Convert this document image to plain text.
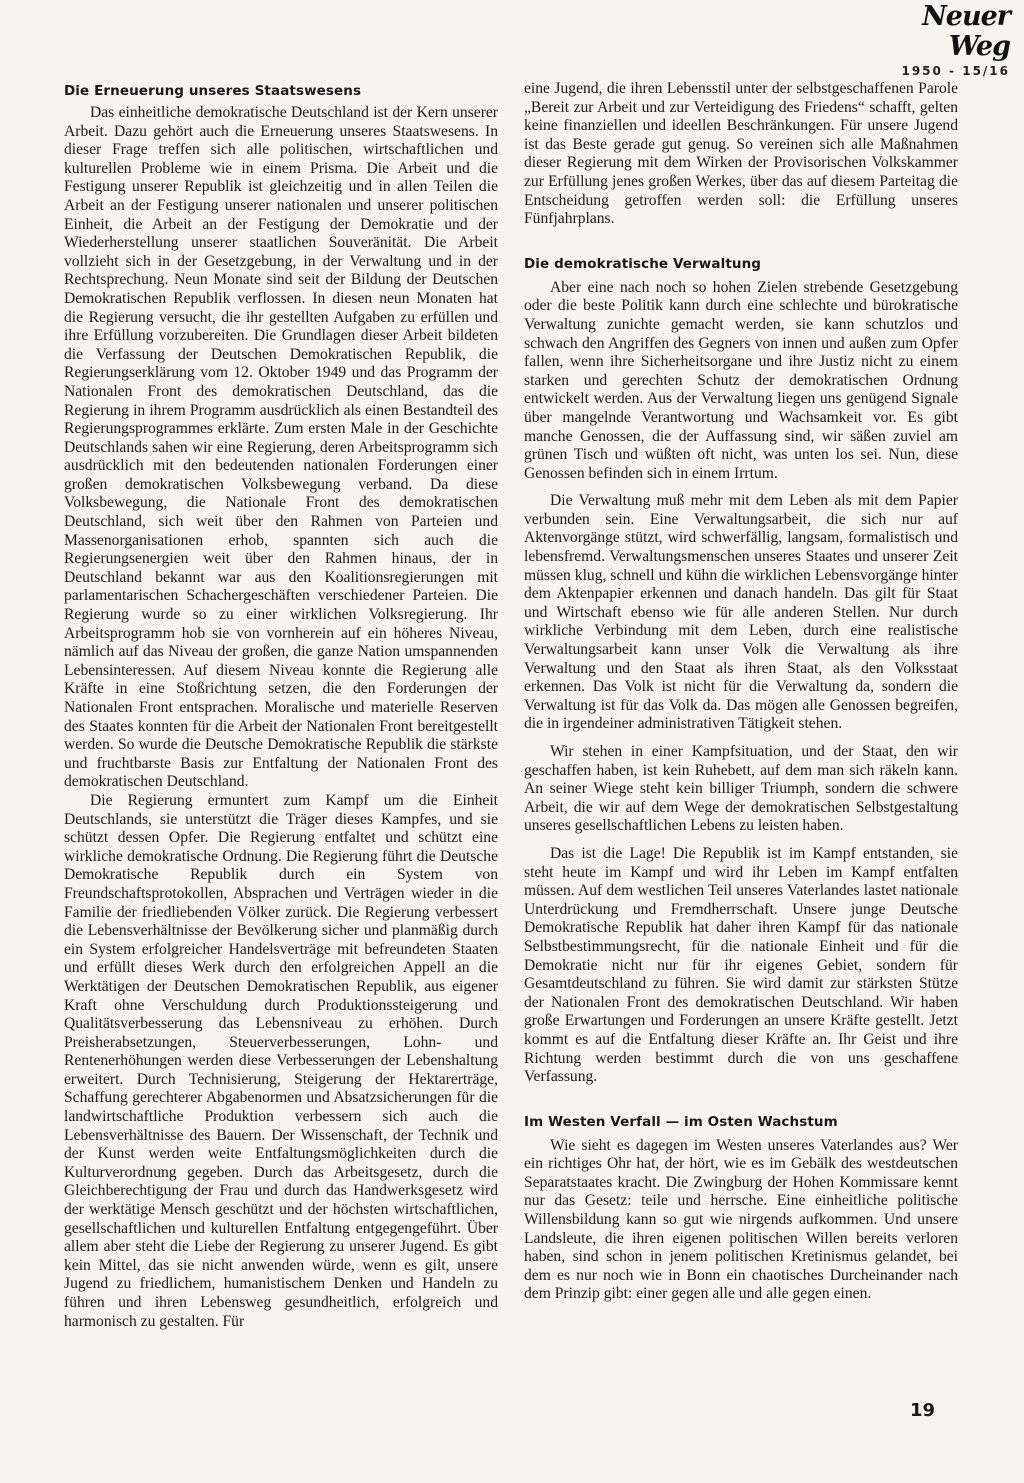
Neuer Weg
1950 - 15/16
Die Erneuerung unseres Staatswesens

Das einheitliche demokratische Deutschland ist der Kern unserer Arbeit. Dazu gehört auch die Erneuerung unseres Staatswesens. In dieser Frage treffen sich alle politischen, wirtschaftlichen und kulturellen Probleme wie in einem Prisma. Die Arbeit und die Festigung unserer Republik ist gleichzeitig und in allen Teilen die Arbeit an der Festigung unserer nationalen und unserer politischen Einheit, die Arbeit an der Festigung der Demokratie und der Wiederherstellung unserer staatlichen Souveränität. Die Arbeit vollzieht sich in der Gesetzgebung, in der Verwaltung und in der Rechtsprechung. Neun Monate sind seit der Bildung der Deutschen Demokratischen Republik verflossen. In diesen neun Monaten hat die Regierung versucht, die ihr gestellten Aufgaben zu erfüllen und ihre Erfüllung vorzubereiten. Die Grundlagen dieser Arbeit bildeten die Verfassung der Deutschen Demokratischen Republik, die Regierungserklärung vom 12. Oktober 1949 und das Programm der Nationalen Front des demokratischen Deutschland, das die Regierung in ihrem Programm ausdrücklich als einen Bestandteil des Regierungsprogrammes erklärte. Zum ersten Male in der Geschichte Deutschlands sahen wir eine Regierung, deren Arbeitsprogramm sich ausdrücklich mit den bedeutenden nationalen Forderungen einer großen demokratischen Volksbewegung verband. Da diese Volksbewegung, die Nationale Front des demokratischen Deutschland, sich weit über den Rahmen von Parteien und Massenorganisationen erhob, spannten sich auch die Regierungsenergien weit über den Rahmen hinaus, der in Deutschland bekannt war aus den Koalitionsregierungen mit parlamentarischen Schachergeschäften verschiedener Parteien. Die Regierung wurde so zu einer wirklichen Volksregierung. Ihr Arbeitsprogramm hob sie von vornherein auf ein höheres Niveau, nämlich auf das Niveau der großen, die ganze Nation umspannenden Lebensinteressen. Auf diesem Niveau konnte die Regierung alle Kräfte in eine Stoßrichtung setzen, die den Forderungen der Nationalen Front entsprachen. Moralische und materielle Reserven des Staates konnten für die Arbeit der Nationalen Front bereitgestellt werden. So wurde die Deutsche Demokratische Republik die stärkste und fruchtbarste Basis zur Entfaltung der Nationalen Front des demokratischen Deutschland.

Die Regierung ermuntert zum Kampf um die Einheit Deutschlands, sie unterstützt die Träger dieses Kampfes, und sie schützt dessen Opfer. Die Regierung entfaltet und schützt eine wirkliche demokratische Ordnung. Die Regierung führt die Deutsche Demokratische Republik durch ein System von Freundschaftsprotokollen, Absprachen und Verträgen wieder in die Familie der friedliebenden Völker zurück. Die Regierung verbessert die Lebensverhältnisse der Bevölkerung sicher und planmäßig durch ein System erfolgreicher Handelsverträge mit befreundeten Staaten und erfüllt dieses Werk durch den erfolgreichen Appell an die Werktätigen der Deutschen Demokratischen Republik, aus eigener Kraft ohne Verschuldung durch Produktionssteigerung und Qualitätsverbesserung das Lebensniveau zu erhöhen. Durch Preisherabsetzungen, Steuerverbesserungen, Lohn- und Rentenerhöhungen werden diese Verbesserungen der Lebenshaltung erweitert. Durch Technisierung, Steigerung der Hektarerträge, Schaffung gerechterer Abgabenormen und Absatzsicherungen für die landwirtschaftliche Produktion verbessern sich auch die Lebensverhältnisse des Bauern. Der Wissenschaft, der Technik und der Kunst werden weite Entfaltungsmöglichkeiten durch die Kulturverordnung gegeben. Durch das Arbeitsgesetz, durch die Gleichberechtigung der Frau und durch das Handwerksgesetz wird der werktätige Mensch geschützt und der höchsten wirtschaftlichen, gesellschaftlichen und kulturellen Entfaltung entgegengeführt. Über allem aber steht die Liebe der Regierung zu unserer Jugend. Es gibt kein Mittel, das sie nicht anwenden würde, wenn es gilt, unsere Jugend zu friedlichem, humanistischem Denken und Handeln zu führen und ihren Lebensweg gesundheitlich, erfolgreich und harmonisch zu gestalten. Für

eine Jugend, die ihren Lebensstil unter der selbstgeschaffenen Parole „Bereit zur Arbeit und zur Verteidigung des Friedens“ schafft, gelten keine finanziellen und ideellen Beschränkungen. Für unsere Jugend ist das Beste gerade gut genug. So vereinen sich alle Maßnahmen dieser Regierung mit dem Wirken der Provisorischen Volkskammer zur Erfüllung jenes großen Werkes, über das auf diesem Parteitag die Entscheidung getroffen werden soll: die Erfüllung unseres Fünfjahrplans.

Die demokratische Verwaltung

Aber eine nach noch so hohen Zielen strebende Gesetzgebung oder die beste Politik kann durch eine schlechte und bürokratische Verwaltung zunichte gemacht werden, sie kann schutzlos und schwach den Angriffen des Gegners von innen und außen zum Opfer fallen, wenn ihre Sicherheitsorgane und ihre Justiz nicht zu einem starken und gerechten Schutz der demokratischen Ordnung entwickelt werden. Aus der Verwaltung liegen uns genügend Signale über mangelnde Verantwortung und Wachsamkeit vor. Es gibt manche Genossen, die der Auffassung sind, wir säßen zuviel am grünen Tisch und wüßten oft nicht, was unten los sei. Nun, diese Genossen befinden sich in einem Irrtum.

Die Verwaltung muß mehr mit dem Leben als mit dem Papier verbunden sein. Eine Verwaltungsarbeit, die sich nur auf Aktenvorgänge stützt, wird schwerfällig, langsam, formalistisch und lebensfremd. Verwaltungsmenschen unseres Staates und unserer Zeit müssen klug, schnell und kühn die wirklichen Lebensvorgänge hinter dem Aktenpapier erkennen und danach handeln. Das gilt für Staat und Wirtschaft ebenso wie für alle anderen Stellen. Nur durch wirkliche Verbindung mit dem Leben, durch eine realistische Verwaltungsarbeit kann unser Volk die Verwaltung als ihre Verwaltung und den Staat als ihren Staat, als den Volksstaat erkennen. Das Volk ist nicht für die Verwaltung da, sondern die Verwaltung ist für das Volk da. Das mögen alle Genossen begreifen, die in irgendeiner administrativen Tätigkeit stehen.

Wir stehen in einer Kampfsituation, und der Staat, den wir geschaffen haben, ist kein Ruhebett, auf dem man sich räkeln kann. An seiner Wiege steht kein billiger Triumph, sondern die schwere Arbeit, die wir auf dem Wege der demokratischen Selbstgestaltung unseres gesellschaftlichen Lebens zu leisten haben.

Das ist die Lage! Die Republik ist im Kampf entstanden, sie steht heute im Kampf und wird ihr Leben im Kampf entfalten müssen. Auf dem westlichen Teil unseres Vaterlandes lastet nationale Unterdrückung und Fremdherrschaft. Unsere junge Deutsche Demokratische Republik hat daher ihren Kampf für das nationale Selbstbestimmungsrecht, für die nationale Einheit und für die Demokratie nicht nur für ihr eigenes Gebiet, sondern für Gesamtdeutschland zu führen. Sie wird damit zur stärksten Stütze der Nationalen Front des demokratischen Deutschland. Wir haben große Erwartungen und Forderungen an unsere Kräfte gestellt. Jetzt kommt es auf die Entfaltung dieser Kräfte an. Ihr Geist und ihre Richtung werden bestimmt durch die von uns geschaffene Verfassung.

Im Westen Verfall — im Osten Wachstum

Wie sieht es dagegen im Westen unseres Vaterlandes aus? Wer ein richtiges Ohr hat, der hört, wie es im Gebälk des westdeutschen Separatstaates kracht. Die Zwingburg der Hohen Kommissare kennt nur das Gesetz: teile und herrsche. Eine einheitliche politische Willensbildung kann so gut wie nirgends aufkommen. Und unsere Landsleute, die ihren eigenen politischen Willen bereits verloren haben, sind schon in jenem politischen Kretinismus gelandet, bei dem es nur noch wie in Bonn ein chaotisches Durcheinander nach dem Prinzip gibt: einer gegen alle und alle gegen einen.

19
